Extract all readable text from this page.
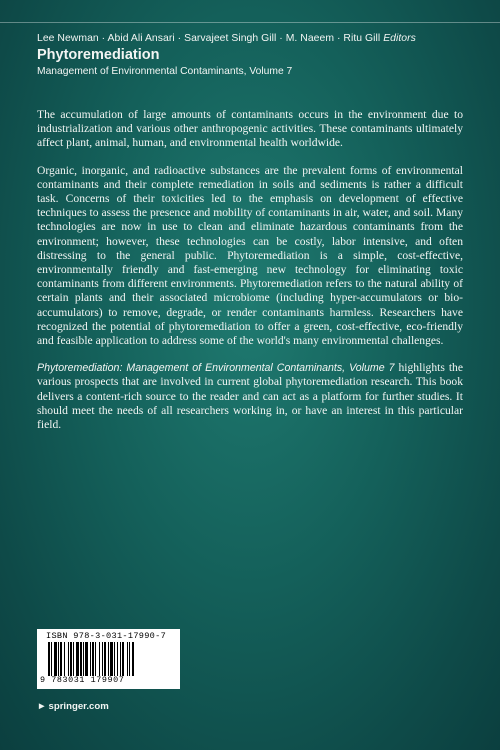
Lee Newman · Abid Ali Ansari · Sarvajeet Singh Gill · M. Naeem · Ritu Gill Editors
Phytoremediation
Management of Environmental Contaminants, Volume 7

The accumulation of large amounts of contaminants occurs in the environment due to industrialization and various other anthropogenic activities. These contaminants ultimately affect plant, animal, human, and environmental health worldwide.

Organic, inorganic, and radioactive substances are the prevalent forms of environmental contaminants and their complete remediation in soils and sediments is rather a difficult task. Concerns of their toxicities led to the emphasis on development of effective techniques to assess the presence and mobility of contaminants in air, water, and soil. Many technologies are now in use to clean and eliminate hazardous contaminants from the environment; however, these technologies can be costly, labor intensive, and often distressing to the general public. Phytoremediation is a simple, cost-effective, environmentally friendly and fast-emerging new technology for eliminating toxic contaminants from different environments. Phytoremediation refers to the natural ability of certain plants and their associated microbiome (including hyper-accumulators or bio-accumulators) to remove, degrade, or render contaminants harmless. Researchers have recognized the potential of phytoremediation to offer a green, cost-effective, eco-friendly and feasible application to address some of the world's many environmental challenges.

Phytoremediation: Management of Environmental Contaminants, Volume 7 highlights the various prospects that are involved in current global phytoremediation research. This book delivers a content-rich source to the reader and can act as a platform for further studies. It should meet the needs of all researchers working in, or have an interest in this particular field.

ISBN 978-3-031-17990-7
9 783031 179907
► springer.com
